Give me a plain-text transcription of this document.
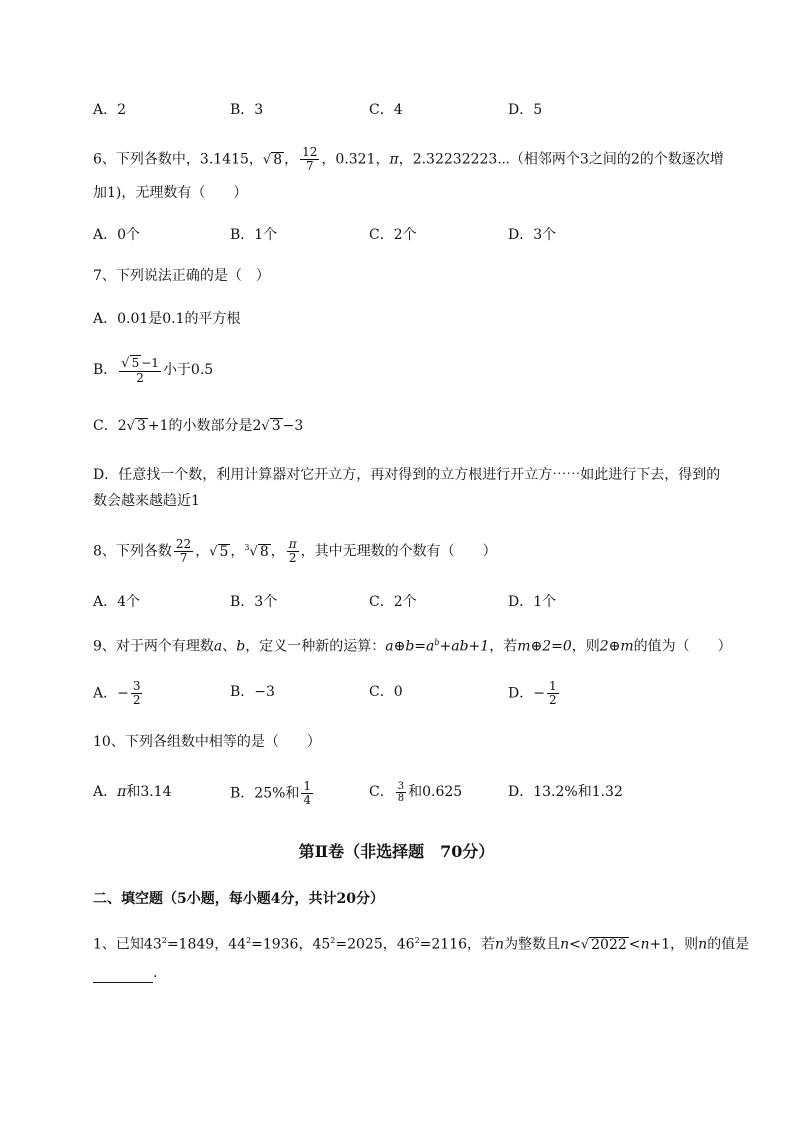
A．2	B．3	C．4	D．5
6、下列各数中，3.1415，√ 8 ， $\frac{12}{7}$ ，0.321，π，2.32232223⋯（相邻两个3之间的2的个数逐次增
加1)，无理数有（　　）
A．0个	B．1个	C．2个	D．3个
7、下列说法正确的是（　）
A．0.01是0.1的平方根
B． $\frac{√ 5 -1}{2}$ 小于0.5
C．2√ 3 +1的小数部分是2√ 3 −3
D．任意找一个数，利用计算器对它开立方，再对得到的立方根进行开立方⋯⋯如此进行下去，得到的
数会越来越趋近1
8、下列各数 $\frac{22}{7}$ ，√ 5 ，$^3$√ 8 ， $\frac{\pi}{2}$ ，其中无理数的个数有（　　）
A．4个	B．3个	C．2个	D．1个
9、对于两个有理数a、b，定义一种新的运算：$a\oplus b=a^b+ab+1$，若m⊕2=0，则2⊕m的值为（　　）
A．− $\frac{3}{2}$	B．−3	C．0	D．− $\frac{1}{2}$
10、下列各组数中相等的是（　　）
A．π和3.14	B．25%和 $\frac{1}{4}$	C． $\frac{3}{8}$ 和0.625	D．13.2%和1.32
第Ⅱ卷（非选择题　70分）
二、填空题（5小题，每小题4分，共计20分）
1、已知$43^2=1849$，$44^2=1936$，$45^2=2025$，$46^2=2116$，若n为整数且n<√ 2022 <n+1，则n的值是
.
